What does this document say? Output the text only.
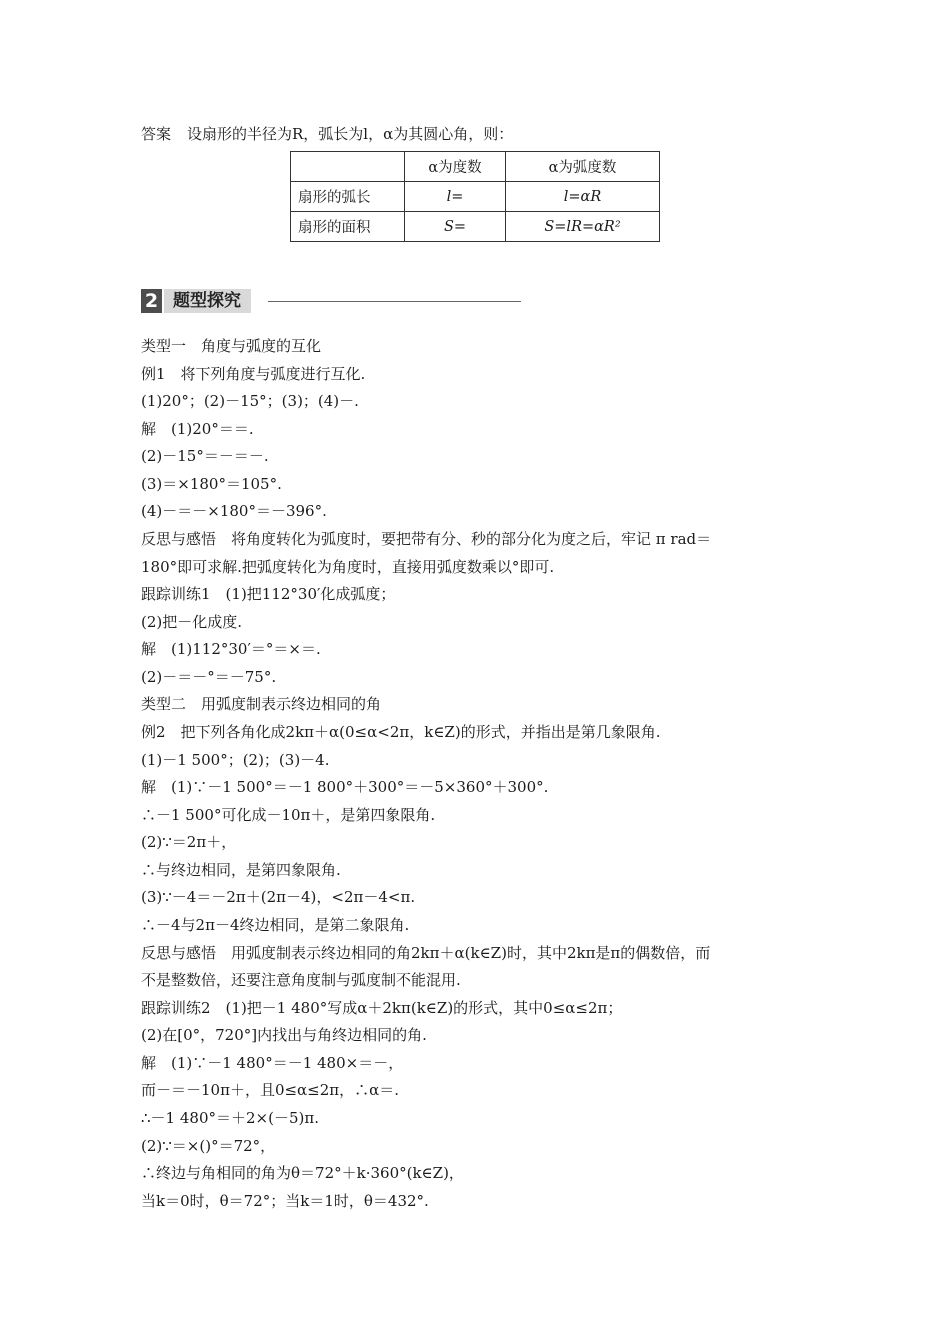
答案 设扇形的半径为R，弧长为l，α为其圆心角，则：
	α为度数	α为弧度数
扇形的弧长	l=	l=αR
扇形的面积	S=	S=lR=αR²
2 题型探究
类型一　角度与弧度的互化
例1　将下列角度与弧度进行互化.
(1)20°；(2)－15°；(3)；(4)－.
解　(1)20°＝＝.
(2)－15°＝－＝－.
(3)＝×180°＝105°.
(4)－＝－×180°＝－396°.
反思与感悟　将角度转化为弧度时，要把带有分、秒的部分化为度之后，牢记 π rad＝
180°即可求解.把弧度转化为角度时，直接用弧度数乘以°即可.
跟踪训练1　(1)把112°30′化成弧度；
(2)把－化成度.
解　(1)112°30′＝°＝×＝.
(2)－＝－°＝－75°.
类型二　用弧度制表示终边相同的角
例2　把下列各角化成2kπ＋α(0≤α<2π，k∈Z)的形式，并指出是第几象限角.
(1)－1 500°；(2)；(3)－4.
解　(1)∵－1 500°＝－1 800°＋300°＝－5×360°＋300°.
∴－1 500°可化成－10π＋，是第四象限角.
(2)∵＝2π＋，
∴与终边相同，是第四象限角.
(3)∵－4＝－2π＋(2π－4)，<2π－4<π.
∴－4与2π－4终边相同，是第二象限角.
反思与感悟　用弧度制表示终边相同的角2kπ＋α(k∈Z)时，其中2kπ是π的偶数倍，而
不是整数倍，还要注意角度制与弧度制不能混用.
跟踪训练2　(1)把－1 480°写成α＋2kπ(k∈Z)的形式，其中0≤α≤2π；
(2)在[0°，720°]内找出与角终边相同的角.
解　(1)∵－1 480°＝－1 480×＝－，
而－＝－10π＋，且0≤α≤2π，∴α＝.
∴－1 480°＝＋2×(－5)π.
(2)∵＝×()°＝72°，
∴终边与角相同的角为θ＝72°＋k·360°(k∈Z)，
当k＝0时，θ＝72°；当k＝1时，θ＝432°.
